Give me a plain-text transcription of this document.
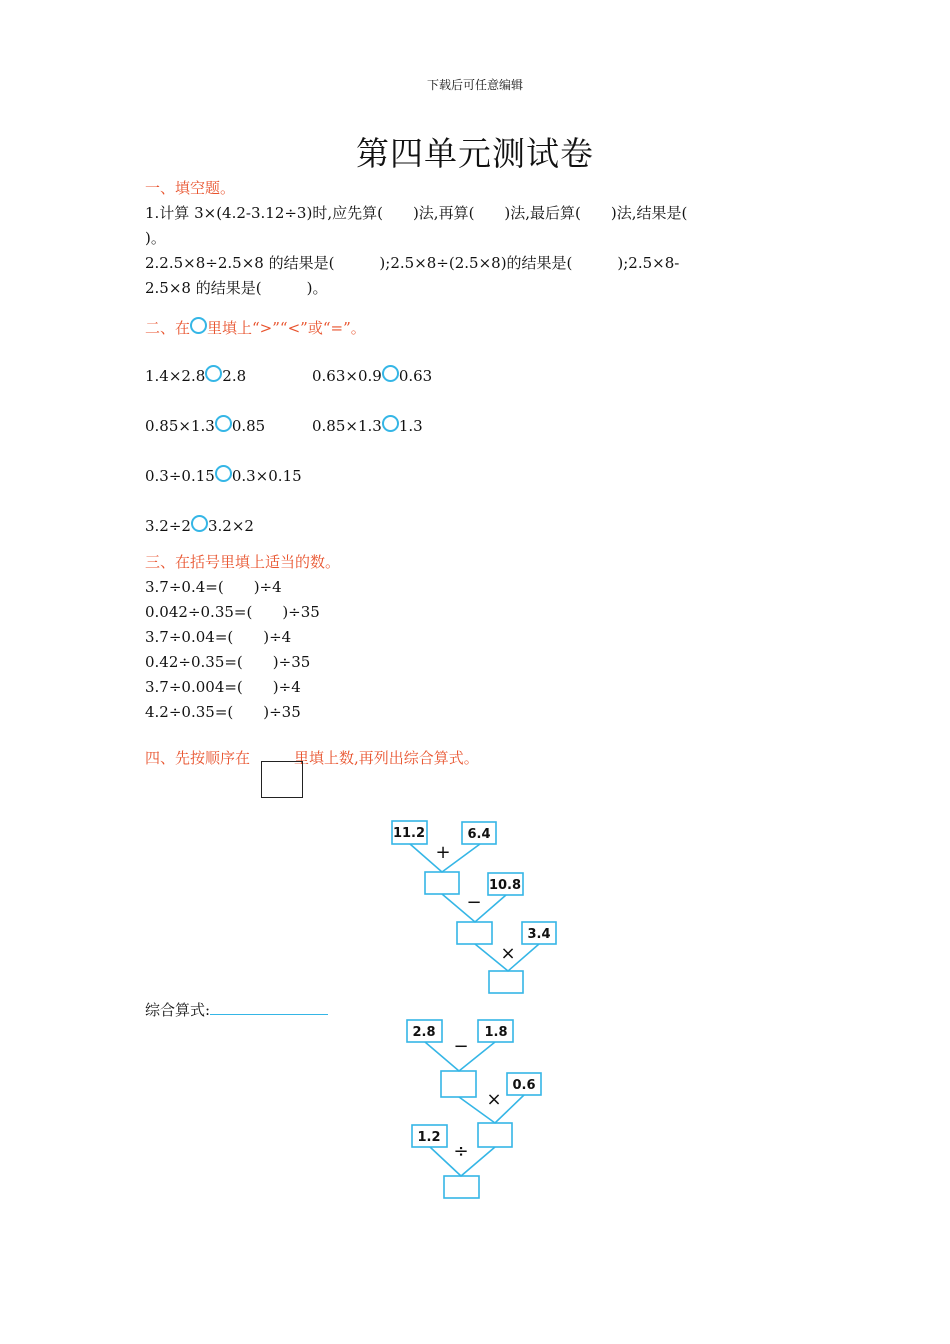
下载后可任意编辑
第四单元测试卷
一、填空题。
1.计算 3×(4.2-3.12÷3)时,应先算(　　)法,再算(　　)法,最后算(　　)法,结果是(
)。
2.2.5×8÷2.5×8 的结果是(　　　);2.5×8÷(2.5×8)的结果是(　　　);2.5×8-
2.5×8 的结果是(　　　)。
二、在 里填上“>”“<”或“=”。
1.4×2.8 2.8	0.63×0.9 0.63
0.85×1.3 0.85	0.85×1.3 1.3
0.3÷0.15 0.3×0.15
3.2÷2 3.2×2
三、在括号里填上适当的数。
3.7÷0.4=(　　)÷4
0.042÷0.35=(　　)÷35
3.7÷0.04=(　　)÷4
0.42÷0.35=(　　)÷35
3.7÷0.004=(　　)÷4
4.2÷0.35=(　　)÷35
四、先按顺序在	里填上数,再列出综合算式。
11.2	6.4
10.8
3.4
+
−
×
综合算式:
2.8	1.8
0.6
1.2
−
×
÷
